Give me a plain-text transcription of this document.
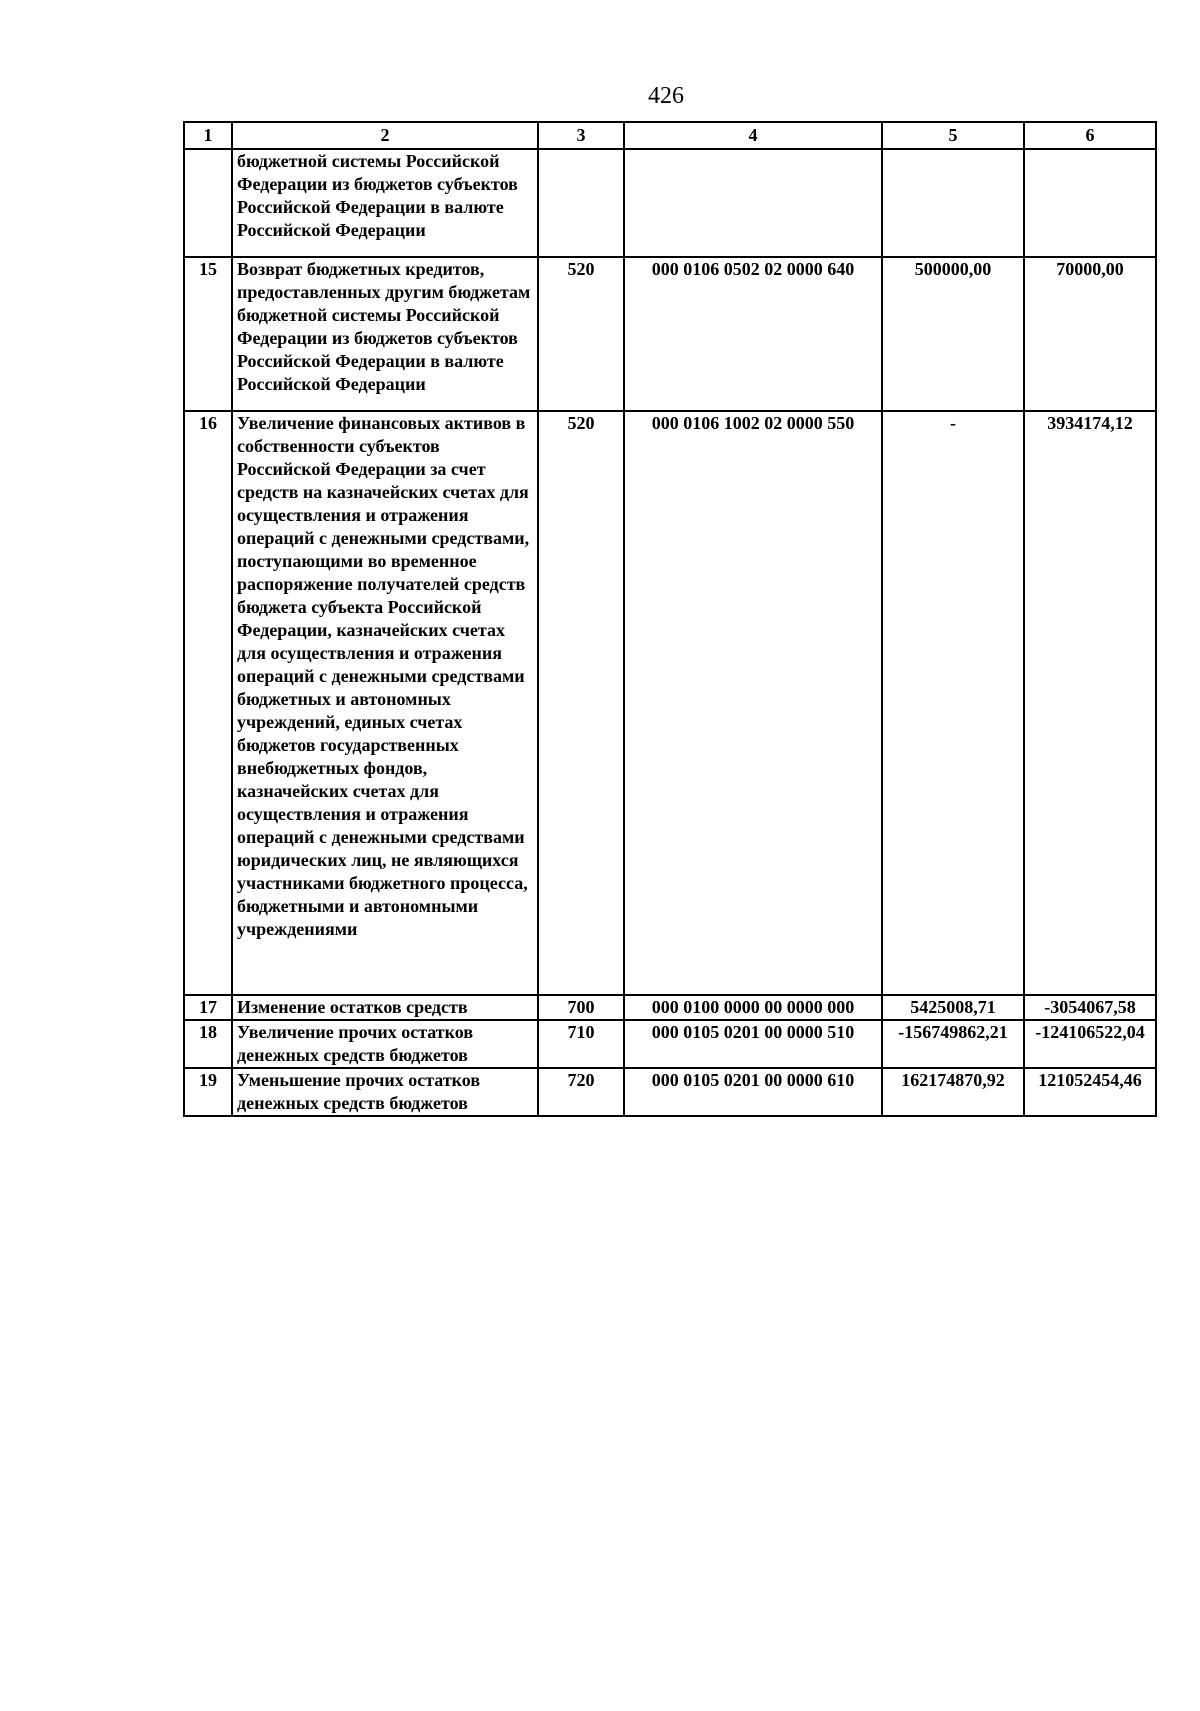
426
1	2	3	4	5	6
	бюджетной системы Российской Федерации из бюджетов субъектов Российской Федерации в валюте Российской Федерации				
15	Возврат бюджетных кредитов, предоставленных другим бюджетам бюджетной системы Российской Федерации из бюджетов субъектов Российской Федерации в валюте Российской Федерации	520	000 0106 0502 02 0000 640	500000,00	70000,00
16	Увеличение финансовых активов в собственности субъектов Российской Федерации за счет средств на казначейских счетах для осуществления и отражения операций с денежными средствами, поступающими во временное распоряжение получателей средств бюджета субъекта Российской Федерации, казначейских счетах для осуществления и отражения операций с денежными средствами бюджетных и автономных учреждений, единых счетах бюджетов государственных внебюджетных фондов, казначейских счетах для осуществления и отражения операций с денежными средствами юридических лиц, не являющихся участниками бюджетного процесса, бюджетными и автономными учреждениями	520	000 0106 1002 02 0000 550	-	3934174,12
17	Изменение остатков средств	700	000 0100 0000 00 0000 000	5425008,71	-3054067,58
18	Увеличение прочих остатков денежных средств бюджетов	710	000 0105 0201 00 0000 510	-156749862,21	-124106522,04
19	Уменьшение прочих остатков денежных средств бюджетов	720	000 0105 0201 00 0000 610	162174870,92	121052454,46
